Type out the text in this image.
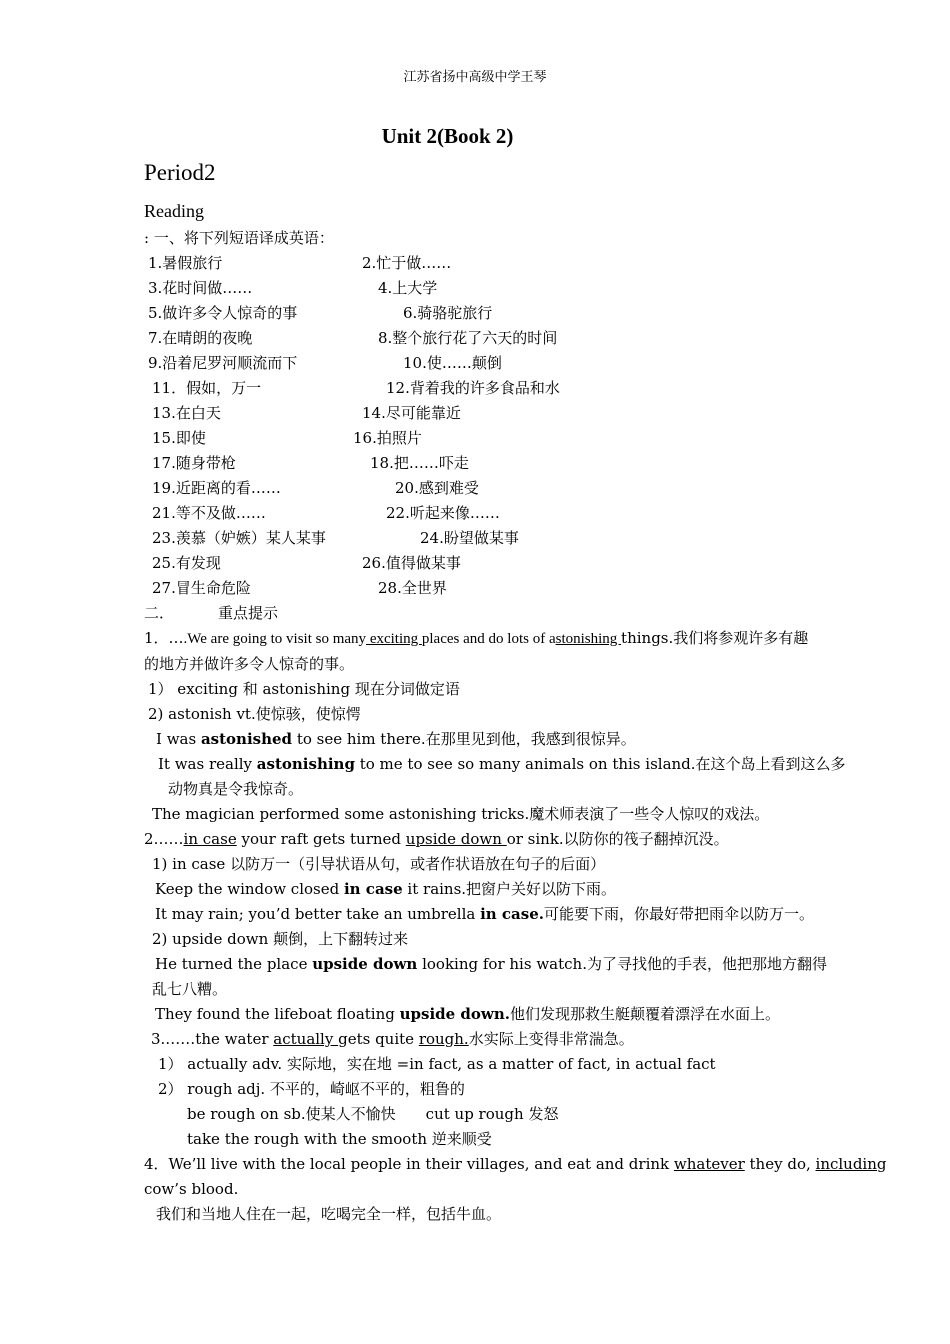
江苏省扬中高级中学王琴
Unit 2(Book 2)
Period2
Reading
: 一、将下列短语译成英语：
1.暑假旅行	2.忙于做……
3.花时间做……	4.上大学
5.做许多令人惊奇的事	6.骑骆驼旅行
7.在晴朗的夜晚	8.整个旅行花了六天的时间
9.沿着尼罗河顺流而下	10.使……颠倒
11．假如，万一	12.背着我的许多食品和水
13.在白天	14.尽可能靠近
15.即使	16.拍照片
17.随身带枪	18.把……吓走
19.近距离的看……	20.感到难受
21.等不及做……	22.听起来像……
23.羡慕（妒嫉）某人某事	24.盼望做某事
25.有发现	26.值得做某事
27.冒生命危险	28.全世界
二．	重点提示
1．….We are going to visit so many exciting places and do lots of astonishing things.我们将参观许多有趣的地方并做许多令人惊奇的事。
1） exciting 和 astonishing 现在分词做定语
2) astonish vt.使惊骇，使惊愕
I was astonished to see him there.在那里见到他，我感到很惊异。
It was really astonishing to me to see so many animals on this island.在这个岛上看到这么多
动物真是令我惊奇。
The magician performed some astonishing tricks.魔术师表演了一些令人惊叹的戏法。
2……in case your raft gets turned upside down or sink.以防你的筏子翻掉沉没。
1) in case 以防万一（引导状语从句，或者作状语放在句子的后面）
Keep the window closed in case it rains.把窗户关好以防下雨。
It may rain; you’d better take an umbrella in case.可能要下雨，你最好带把雨伞以防万一。
2) upside down 颠倒，上下翻转过来
He turned the place upside down looking for his watch.为了寻找他的手表，他把那地方翻得
乱七八糟。
They found the lifeboat floating upside down.他们发现那救生艇颠覆着漂浮在水面上。
3.……the water actually gets quite rough.水实际上变得非常湍急。
1） actually adv. 实际地，实在地 =in fact, as a matter of fact, in actual fact
2） rough adj. 不平的，崎岖不平的，粗鲁的
be rough on sb.使某人不愉快 cut up rough 发怒
take the rough with the smooth 逆来顺受
4．We’ll live with the local people in their villages, and eat and drink whatever they do, including
cow’s blood.
我们和当地人住在一起，吃喝完全一样，包括牛血。
